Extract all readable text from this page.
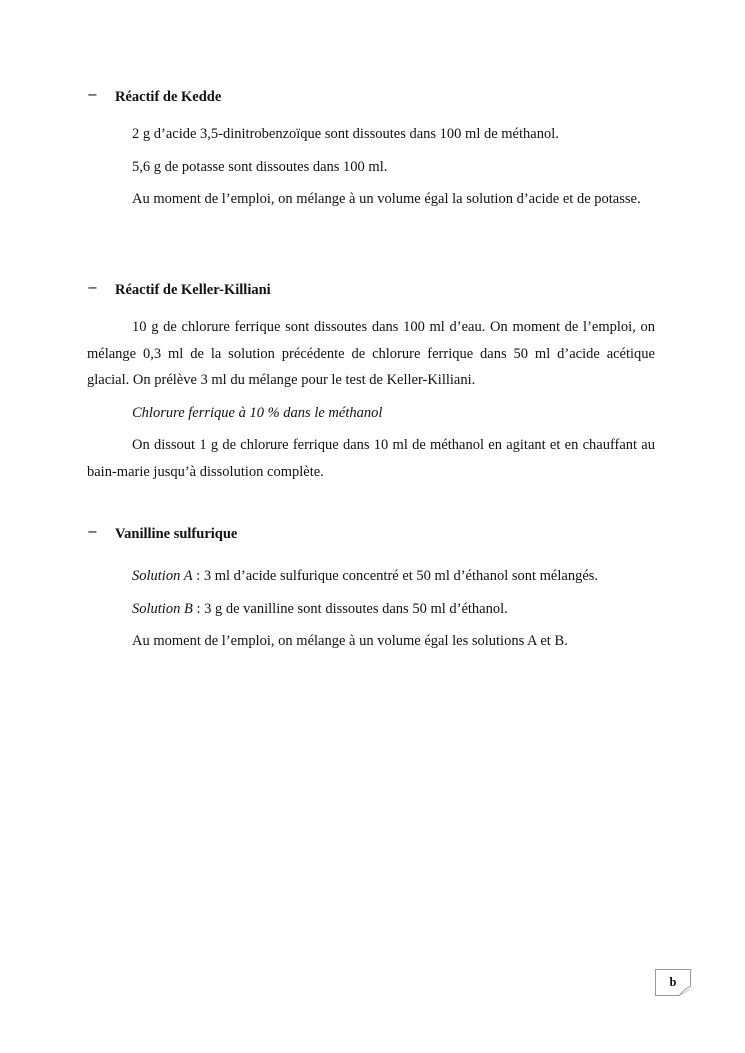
− Réactif de Kedde

2 g d’acide 3,5-dinitrobenzoïque sont dissoutes dans 100 ml de méthanol.

5,6 g de potasse sont dissoutes dans 100 ml.

Au moment de l’emploi, on mélange à un volume égal la solution d’acide et de potasse.

− Réactif de Keller-Killiani

10 g de chlorure ferrique sont dissoutes dans 100 ml d’eau. On moment de l’emploi, on mélange 0,3 ml de la solution précédente de chlorure ferrique dans 50 ml d’acide acétique glacial. On prélève 3 ml du mélange pour le test de Keller-Killiani.

Chlorure ferrique à 10 % dans le méthanol

On dissout 1 g de chlorure ferrique dans 10 ml de méthanol en agitant et en chauffant au bain-marie jusqu’à dissolution complète.

− Vanilline sulfurique

Solution A : 3 ml d’acide sulfurique concentré et 50 ml d’éthanol sont mélangés.

Solution B : 3 g de vanilline sont dissoutes dans 50 ml d’éthanol.

Au moment de l’emploi, on mélange à un volume égal les solutions A et B.

b
